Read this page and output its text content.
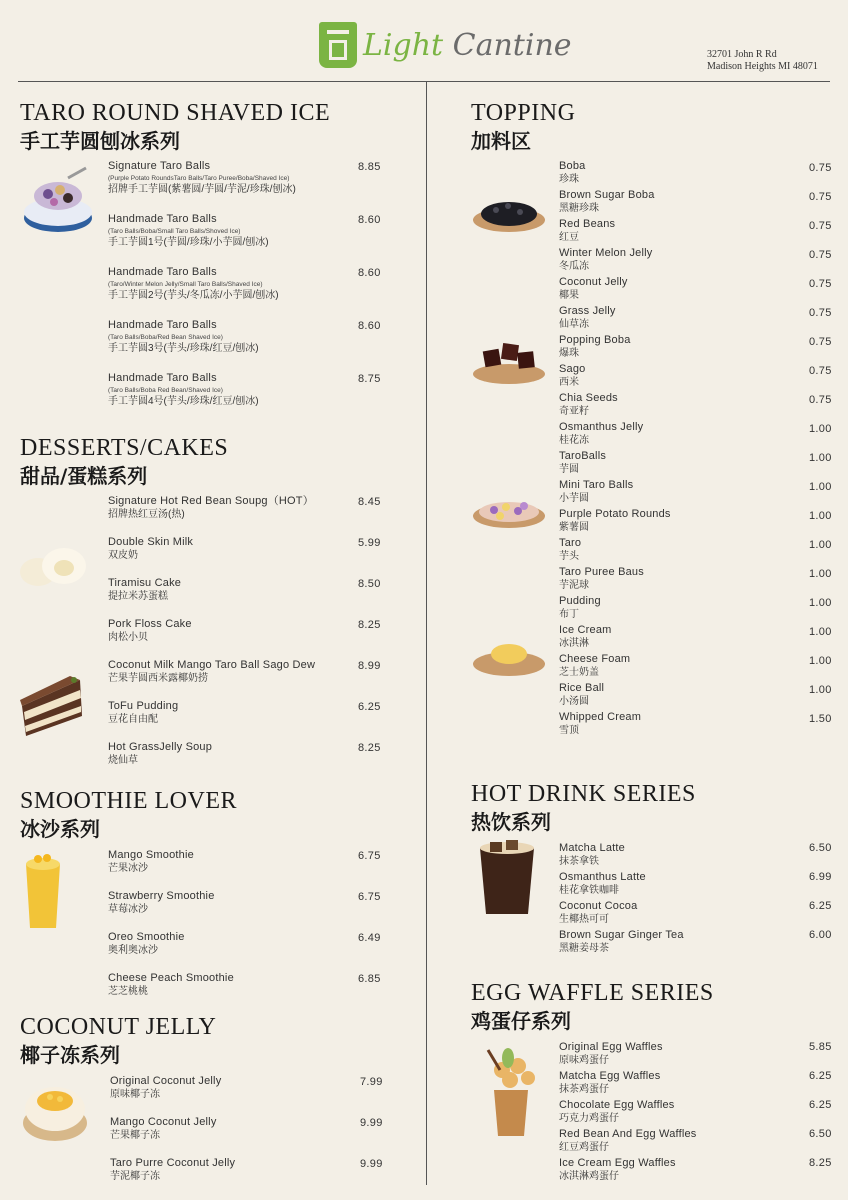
Light Cantine	32701 John R Rd
Madison Heights MI 48071
TARO ROUND SHAVED ICE
手工芋圆刨冰系列
DESSERTS/CAKES
甜品/蛋糕系列
SMOOTHIE LOVER
冰沙系列
COCONUT JELLY
椰子冻系列
TOPPING
加料区
HOT DRINK SERIES
热饮系列
EGG WAFFLE SERIES
鸡蛋仔系列
Signature Taro Balls
(Purple Potato RoundsTaro Balls/Taro Puree/Boba/Shaved Ice)
招牌手工芋圆(紫薯圆/芋圆/芋泥/珍珠/刨冰)
8.85
Handmade Taro Balls
(Taro Balls/Boba/Small Taro Balls/Shoved Ice)
手工芋圆1号(芋圆/珍珠/小芋圆/刨冰)
8.60
Handmade Taro Balls
(Taro/Winter Melon Jelly/Small Taro Balls/Shaved Ice)
手工芋圆2号(芋头/冬瓜冻/小芋圆/刨冰)
8.60
Handmade Taro Balls
(Taro Balls/Boba/Red Bean Shaved Ice)
手工芋圆3号(芋头/珍珠/红豆/刨冰)
8.60
Handmade Taro Balls
(Taro Balls/Boba Red Bean/Shaved Ice)
手工芋圆4号(芋头/珍珠/红豆/刨冰)
8.75
Signature Hot Red Bean Soupg（HOT）
招牌热红豆汤(热)
8.45
Double Skin Milk
双皮奶
5.99
Tiramisu Cake
提拉米苏蛋糕
8.50
Pork Floss Cake
肉松小贝
8.25
Coconut Milk Mango Taro Ball Sago Dew
芒果芋圆西米露椰奶捞
8.99
ToFu Pudding
豆花自由配
6.25
Hot GrassJelly Soup
烧仙草
8.25
Mango Smoothie
芒果冰沙
6.75
Strawberry Smoothie
草莓冰沙
6.75
Oreo Smoothie
奥利奥冰沙
6.49
Cheese Peach Smoothie
芝芝桃桃
6.85
Original Coconut Jelly
原味椰子冻
7.99
Mango Coconut Jelly
芒果椰子冻
9.99
Taro Purre Coconut Jelly
芋泥椰子冻
9.99
Boba
珍珠
0.75
Brown Sugar Boba
黑糖珍珠
0.75
Red Beans
红豆
0.75
Winter Melon Jelly
冬瓜冻
0.75
Coconut Jelly
椰果
0.75
Grass Jelly
仙草冻
0.75
Popping Boba
爆珠
0.75
Sago
西米
0.75
Chia Seeds
奇亚籽
0.75
Osmanthus Jelly
桂花冻
1.00
TaroBalls
芋圆
1.00
Mini Taro Balls
小芋圆
1.00
Purple Potato Rounds
紫薯圆
1.00
Taro
芋头
1.00
Taro Puree Baus
芋泥球
1.00
Pudding
布丁
1.00
Ice Cream
冰淇淋
1.00
Cheese Foam
芝士奶盖
1.00
Rice Ball
小汤圆
1.00
Whipped Cream
雪顶
1.50
Matcha Latte
抹茶拿铁
6.50
Osmanthus Latte
桂花拿铁咖啡
6.99
Coconut Cocoa
生椰热可可
6.25
Brown Sugar Ginger Tea
黑糖姜母茶
6.00
Original Egg Waffles
原味鸡蛋仔
5.85
Matcha Egg Waffles
抹茶鸡蛋仔
6.25
Chocolate Egg Waffles
巧克力鸡蛋仔
6.25
Red Bean And Egg Waffles
红豆鸡蛋仔
6.50
Ice Cream Egg Waffles
冰淇淋鸡蛋仔
8.25
